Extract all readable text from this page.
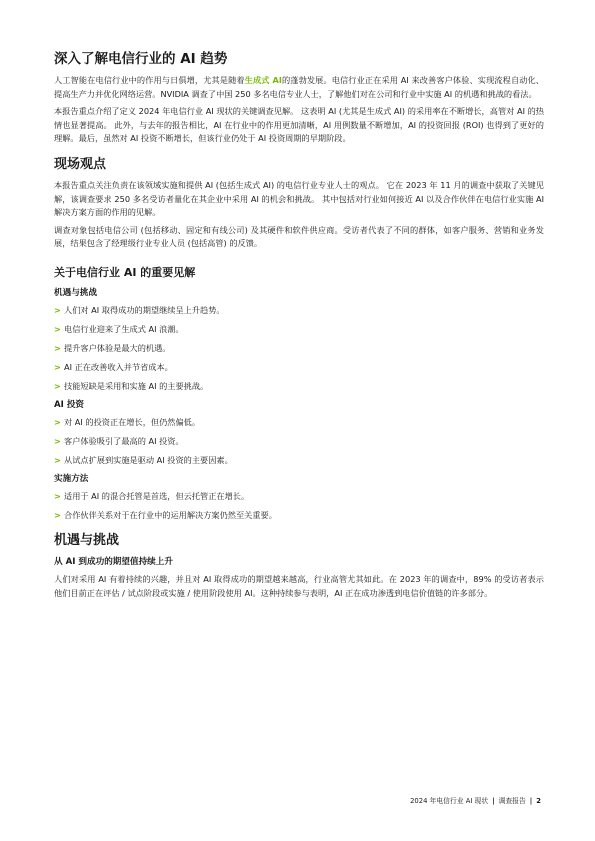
深入了解电信行业的 AI 趋势

人工智能在电信行业中的作用与日俱增，尤其是随着生成式 AI的蓬勃发展。电信行业正在采用 AI 来改善客户体验、实现流程自动化、提高生产力并优化网络运营。NVIDIA 调查了中国 250 多名电信专业人士，了解他们对在公司和行业中实施 AI 的机遇和挑战的看法。

本报告重点介绍了定义 2024 年电信行业 AI 现状的关键调查见解。 这表明 AI (尤其是生成式 AI) 的采用率在不断增长，高管对 AI 的热情也显著提高。 此外，与去年的报告相比，AI 在行业中的作用更加清晰，AI 用例数量不断增加，AI 的投资回报 (ROI) 也得到了更好的理解。最后，虽然对 AI 投资不断增长，但该行业仍处于 AI 投资周期的早期阶段。

现场观点

本报告重点关注负责在该领域实施和提供 AI (包括生成式 AI) 的电信行业专业人士的观点。 它在 2023 年 11 月的调查中获取了关键见解，该调查要求 250 多名受访者量化在其企业中采用 AI 的机会和挑战。 其中包括对行业如何接近 AI 以及合作伙伴在电信行业实施 AI 解决方案方面的作用的见解。

调查对象包括电信公司 (包括移动、固定和有线公司) 及其硬件和软件供应商。受访者代表了不同的群体，如客户服务、营销和业务发展，结果包含了经理级行业专业人员 (包括高管) 的反馈。

关于电信行业 AI 的重要见解
机遇与挑战
> 人们对 AI 取得成功的期望继续呈上升趋势。
> 电信行业迎来了生成式 AI 浪潮。
> 提升客户体验是最大的机遇。
> AI 正在改善收入并节省成本。
> 技能短缺是采用和实施 AI 的主要挑战。
AI 投资
> 对 AI 的投资正在增长，但仍然偏低。
> 客户体验吸引了最高的 AI 投资。
> 从试点扩展到实施是驱动 AI 投资的主要因素。
实施方法
> 适用于 AI 的混合托管是首选，但云托管正在增长。
> 合作伙伴关系对于在行业中的运用解决方案仍然至关重要。
机遇与挑战
从 AI 到成功的期望值持续上升

人们对采用 AI 有着持续的兴趣，并且对 AI 取得成功的期望越来越高，行业高管尤其如此。在 2023 年的调查中，89% 的受访者表示他们目前正在评估 / 试点阶段或实施 / 使用阶段使用 AI。这种持续参与表明，AI 正在成功渗透到电信价值链的许多部分。

2024 年电信行业 AI 现状 | 调查报告 | 2
